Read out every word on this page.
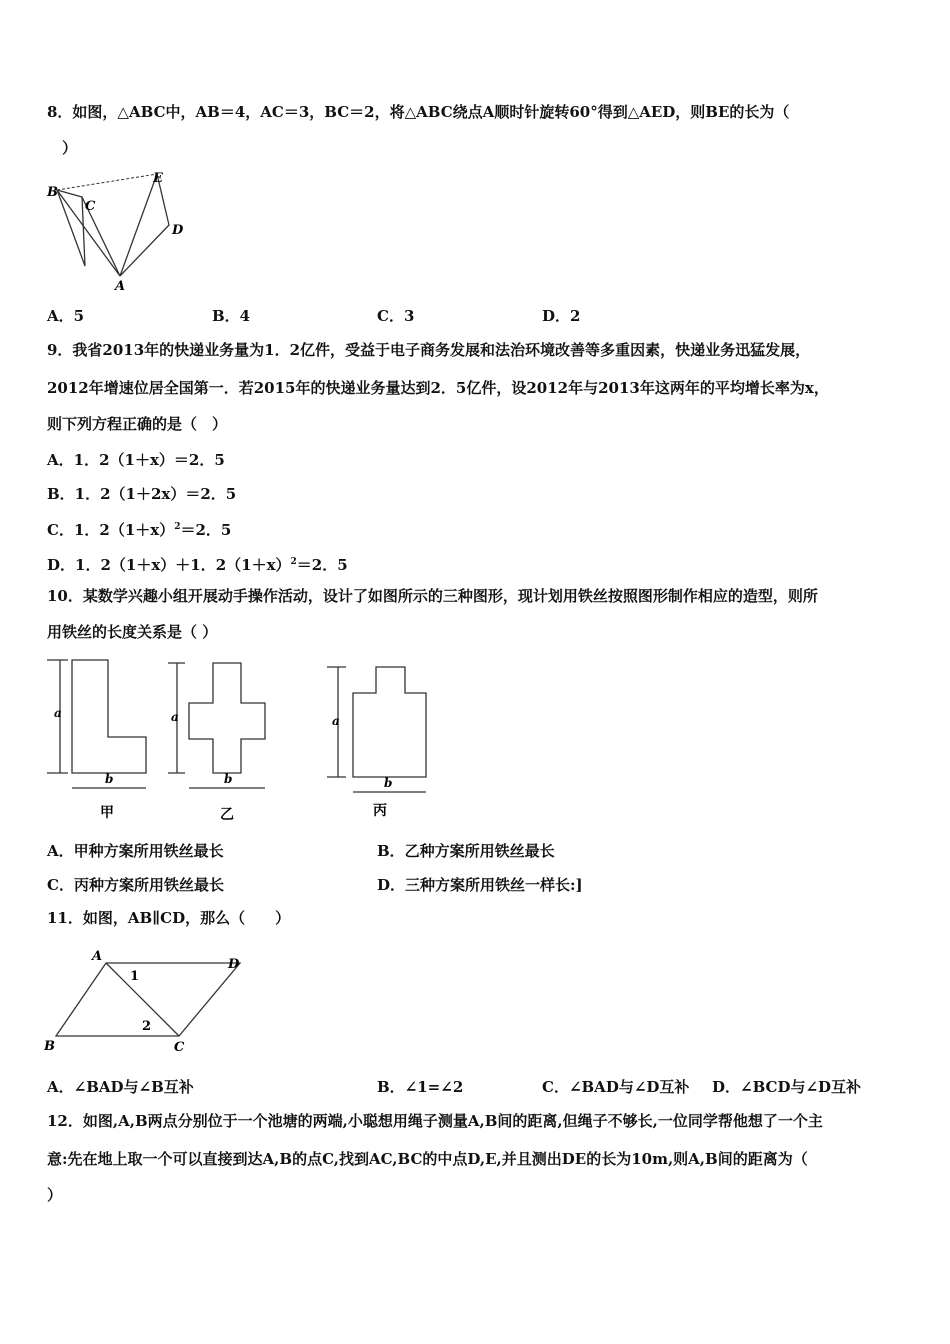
8．如图，△ABC中，AB＝4，AC＝3，BC＝2，将△ABC绕点A顺时针旋转60°得到△AED，则BE的长为（
）
B
C
E
D
A
A．5	B．4	C．3	D．2
9．我省2013年的快递业务量为1．2亿件，受益于电子商务发展和法治环境改善等多重因素，快递业务迅猛发展，
2012年增速位居全国第一．若2015年的快递业务量达到2．5亿件，设2012年与2013年这两年的平均增长率为x，
则下列方程正确的是（　）
A．1．2（1＋x）＝2．5
B．1．2（1＋2x）＝2．5
C．1．$2(1+x)^2=2$．5
D．1．2（1＋x）＋1．$2(1+x)^2=2$．5
10．某数学兴趣小组开展动手操作活动，设计了如图所示的三种图形，现计划用铁丝按照图形制作相应的造型，则所
用铁丝的长度关系是（ ）
a
b
a
b
a
b
甲	乙	丙
A．甲种方案所用铁丝最长	B．乙种方案所用铁丝最长
C．丙种方案所用铁丝最长	D．三种方案所用铁丝一样长:]
11．如图，AB∥CD，那么（　　）
A
D
B	C
1
2
A．∠BAD与∠B互补	B．∠1=∠2	C．∠BAD与∠D互补 D．∠BCD与∠D互补
12．如图,A,B两点分别位于一个池塘的两端,小聪想用绳子测量A,B间的距离,但绳子不够长,一位同学帮他想了一个主
意:先在地上取一个可以直接到达A,B的点C,找到AC,BC的中点D,E,并且测出DE的长为10m,则A,B间的距离为（
）
